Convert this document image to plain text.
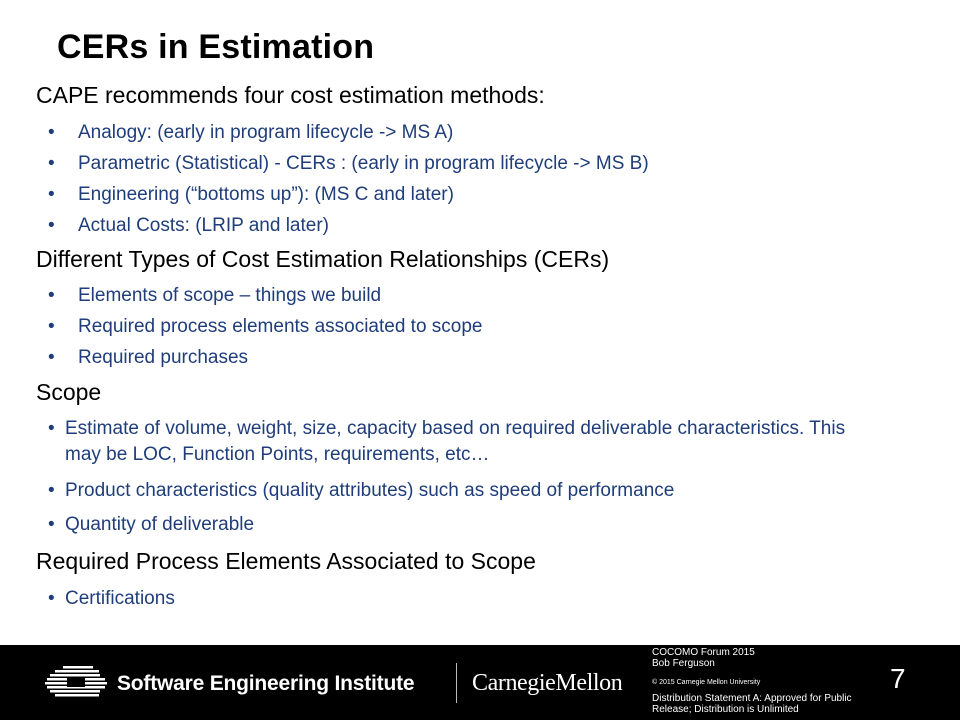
CERs in Estimation
CAPE recommends four cost estimation methods:
• Analogy: (early in program lifecycle -> MS A)
• Parametric (Statistical) - CERs : (early in program lifecycle -> MS B)
• Engineering (“bottoms up”): (MS C and later)
• Actual Costs: (LRIP and later)
Different Types of Cost Estimation Relationships (CERs)
• Elements of scope – things we build
• Required process elements associated to scope
• Required purchases
Scope
• Estimate of volume, weight, size, capacity based on required deliverable characteristics. This may be LOC, Function Points, requirements, etc…
• Product characteristics (quality attributes) such as speed of performance
• Quantity of deliverable
Required Process Elements Associated to Scope
• Certifications
Software Engineering Institute CarnegieMellon
COCOMO Forum 2015
Bob Ferguson
© 2015 Carnegie Mellon University
Distribution Statement A: Approved for Public Release; Distribution is Unlimited
7
